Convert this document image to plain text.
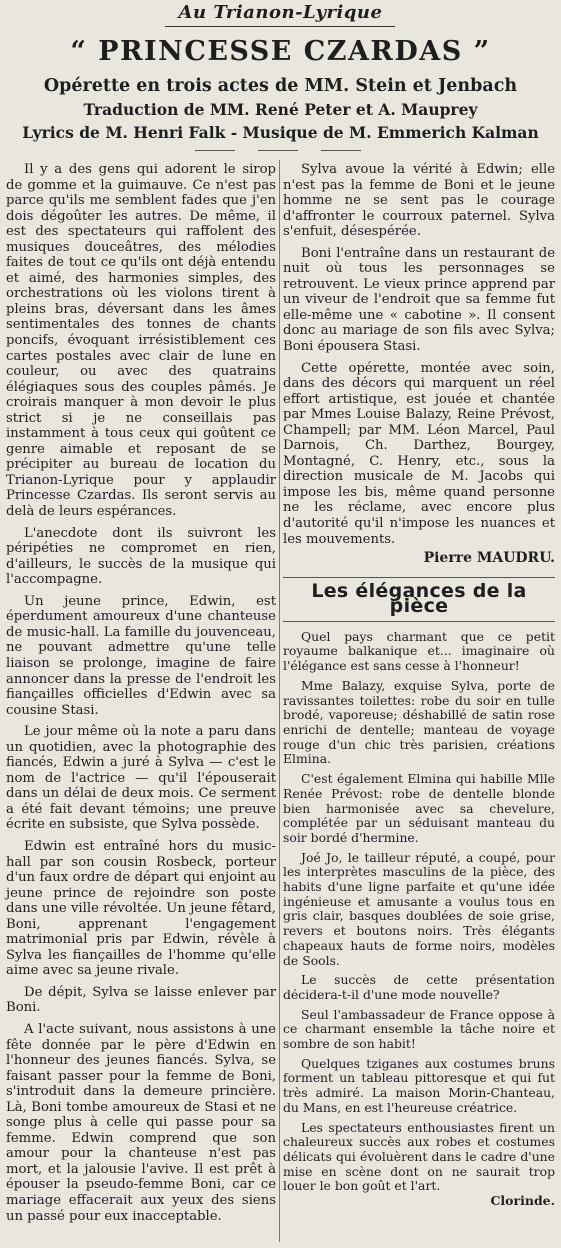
Au Trianon-Lyrique
“ PRINCESSE CZARDAS ”
Opérette en trois actes de MM. Stein et Jenbach
Traduction de MM. René Peter et A. Mauprey
Lyrics de M. Henri Falk - Musique de M. Emmerich Kalman

Il y a des gens qui adorent le sirop de gomme et la guimauve. Ce n'est pas parce qu'ils me semblent fades que j'en dois dégoûter les autres. De même, il est des spectateurs qui raffolent des musiques douceâtres, des mélodies faites de tout ce qu'ils ont déjà entendu et aimé, des harmonies simples, des orchestrations où les violons tirent à pleins bras, déversant dans les âmes sentimentales des tonnes de chants poncifs, évoquant irrésistiblement ces cartes postales avec clair de lune en couleur, ou avec des quatrains élégiaques sous des couples pâmés. Je croirais manquer à mon devoir le plus strict si je ne conseillais pas instamment à tous ceux qui goûtent ce genre aimable et reposant de se précipiter au bureau de location du Trianon-Lyrique pour y applaudir Princesse Czardas. Ils seront servis au delà de leurs espérances.

L'anecdote dont ils suivront les péripéties ne compromet en rien, d'ailleurs, le succès de la musique qui l'accompagne.

Un jeune prince, Edwin, est éperdument amoureux d'une chanteuse de music-hall. La famille du jouvenceau, ne pouvant admettre qu'une telle liaison se prolonge, imagine de faire annoncer dans la presse de l'endroit les fiançailles officielles d'Edwin avec sa cousine Stasi.

Le jour même où la note a paru dans un quotidien, avec la photographie des fiancés, Edwin a juré à Sylva — c'est le nom de l'actrice — qu'il l'épouserait dans un délai de deux mois. Ce serment a été fait devant témoins; une preuve écrite en subsiste, que Sylva possède.

Edwin est entraîné hors du music-hall par son cousin Rosbeck, porteur d'un faux ordre de départ qui enjoint au jeune prince de rejoindre son poste dans une ville révoltée. Un jeune fêtard, Boni, apprenant l'engagement matrimonial pris par Edwin, révèle à Sylva les fiançailles de l'homme qu'elle aime avec sa jeune rivale.

De dépit, Sylva se laisse enlever par Boni.

A l'acte suivant, nous assistons à une fête donnée par le père d'Edwin en l'honneur des jeunes fiancés. Sylva, se faisant passer pour la femme de Boni, s'introduit dans la demeure princière. Là, Boni tombe amoureux de Stasi et ne songe plus à celle qui passe pour sa femme. Edwin comprend que son amour pour la chanteuse n'est pas mort, et la jalousie l'avive. Il est prêt à épouser la pseudo-femme Boni, car ce mariage effacerait aux yeux des siens un passé pour eux inacceptable.

Sylva avoue la vérité à Edwin; elle n'est pas la femme de Boni et le jeune homme ne se sent pas le courage d'affronter le courroux paternel. Sylva s'enfuit, désespérée.

Boni l'entraîne dans un restaurant de nuit où tous les personnages se retrouvent. Le vieux prince apprend par un viveur de l'endroit que sa femme fut elle-même une « cabotine ». Il consent donc au mariage de son fils avec Sylva; Boni épousera Stasi.

Cette opérette, montée avec soin, dans des décors qui marquent un réel effort artistique, est jouée et chantée par Mmes Louise Balazy, Reine Prévost, Champell; par MM. Léon Marcel, Paul Darnois, Ch. Darthez, Bourgey, Montagné, C. Henry, etc., sous la direction musicale de M. Jacobs qui impose les bis, même quand personne ne les réclame, avec encore plus d'autorité qu'il n'impose les nuances et les mouvements.

Pierre MAUDRU.
Les élégances de la pièce

Quel pays charmant que ce petit royaume balkanique et... imaginaire où l'élégance est sans cesse à l'honneur!

Mme Balazy, exquise Sylva, porte de ravissantes toilettes: robe du soir en tulle brodé, vaporeuse; déshabillé de satin rose enrichi de dentelle; manteau de voyage rouge d'un chic très parisien, créations Elmina.

C'est également Elmina qui habille Mlle Renée Prévost: robe de dentelle blonde bien harmonisée avec sa chevelure, complétée par un séduisant manteau du soir bordé d'hermine.

Joé Jo, le tailleur réputé, a coupé, pour les interprètes masculins de la pièce, des habits d'une ligne parfaite et qu'une idée ingénieuse et amusante a voulus tous en gris clair, basques doublées de soie grise, revers et boutons noirs. Très élégants chapeaux hauts de forme noirs, modèles de Sools.

Le succès de cette présentation décidera-t-il d'une mode nouvelle?

Seul l'ambassadeur de France oppose à ce charmant ensemble la tâche noire et sombre de son habit!

Quelques tziganes aux costumes bruns forment un tableau pittoresque et qui fut très admiré. La maison Morin-Chanteau, du Mans, en est l'heureuse créatrice.

Les spectateurs enthousiastes firent un chaleureux succès aux robes et costumes délicats qui évoluèrent dans le cadre d'une mise en scène dont on ne saurait trop louer le bon goût et l'art.

Clorinde.
